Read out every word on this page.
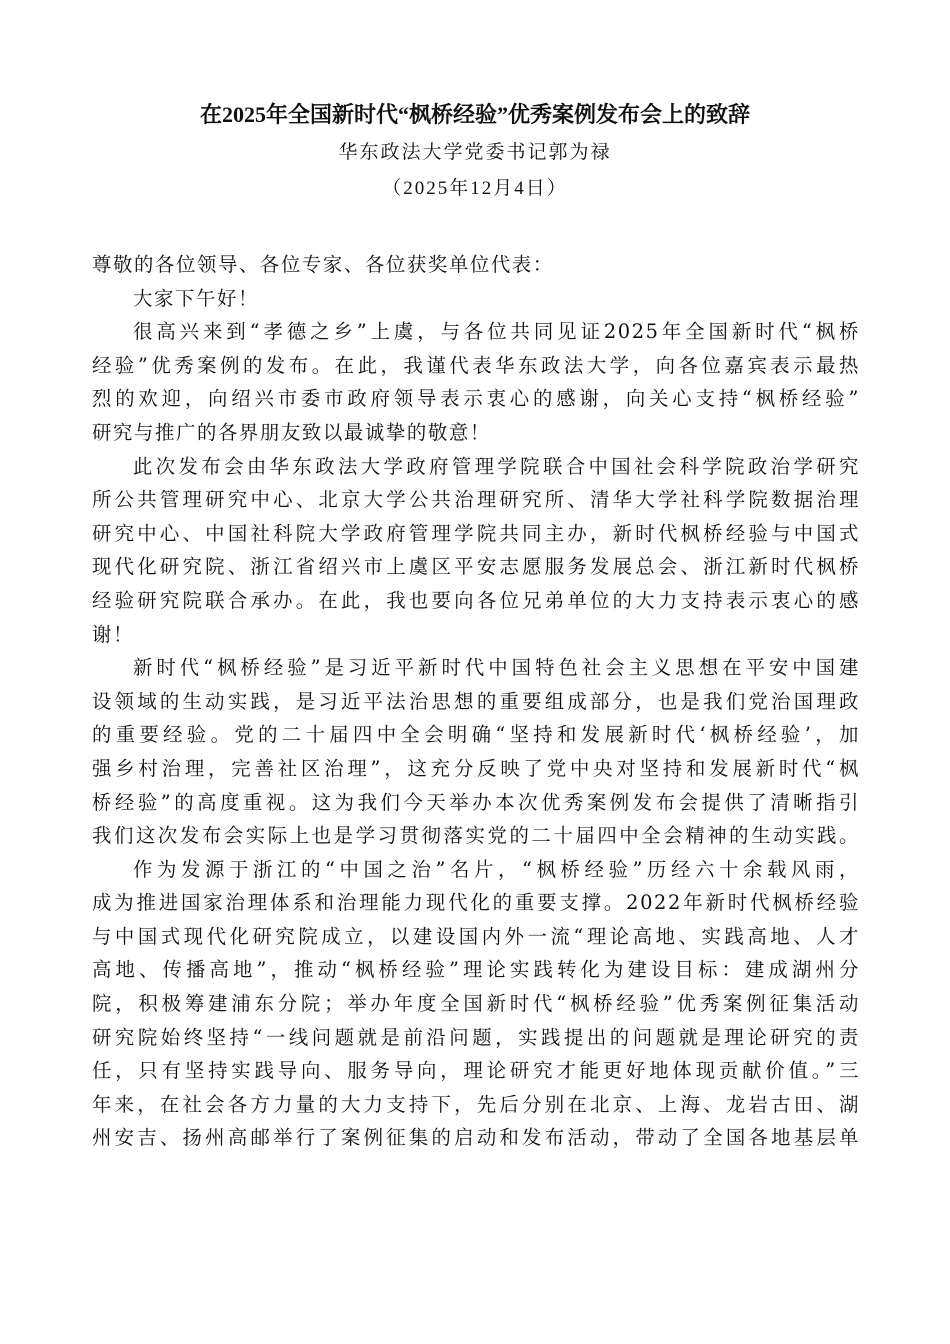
在2025年全国新时代“枫桥经验”优秀案例发布会上的致辞
华东政法大学党委书记郭为禄
（2025年12月4日）
尊敬的各位领导、各位专家、各位获奖单位代表：
大家下午好！
很高兴来到“孝德之乡”上虞，与各位共同见证2025年全国新时代“枫桥
经验”优秀案例的发布。在此，我谨代表华东政法大学，向各位嘉宾表示最热
烈的欢迎，向绍兴市委市政府领导表示衷心的感谢，向关心支持“枫桥经验”
研究与推广的各界朋友致以最诚挚的敬意！
此次发布会由华东政法大学政府管理学院联合中国社会科学院政治学研究
所公共管理研究中心、北京大学公共治理研究所、清华大学社科学院数据治理
研究中心、中国社科院大学政府管理学院共同主办，新时代枫桥经验与中国式
现代化研究院、浙江省绍兴市上虞区平安志愿服务发展总会、浙江新时代枫桥
经验研究院联合承办。在此，我也要向各位兄弟单位的大力支持表示衷心的感
谢！
新时代“枫桥经验”是习近平新时代中国特色社会主义思想在平安中国建
设领域的生动实践，是习近平法治思想的重要组成部分，也是我们党治国理政
的重要经验。党的二十届四中全会明确“坚持和发展新时代‘枫桥经验’，加
强乡村治理，完善社区治理”，这充分反映了党中央对坚持和发展新时代“枫
桥经验”的高度重视。这为我们今天举办本次优秀案例发布会提供了清晰指引
我们这次发布会实际上也是学习贯彻落实党的二十届四中全会精神的生动实践。
作为发源于浙江的“中国之治”名片，“枫桥经验”历经六十余载风雨，
成为推进国家治理体系和治理能力现代化的重要支撑。2022年新时代枫桥经验
与中国式现代化研究院成立，以建设国内外一流“理论高地、实践高地、人才
高地、传播高地”，推动“枫桥经验”理论实践转化为建设目标：建成湖州分
院，积极筹建浦东分院；举办年度全国新时代“枫桥经验”优秀案例征集活动
研究院始终坚持“一线问题就是前沿问题，实践提出的问题就是理论研究的责
任，只有坚持实践导向、服务导向，理论研究才能更好地体现贡献价值。”三
年来，在社会各方力量的大力支持下，先后分别在北京、上海、龙岩古田、湖
州安吉、扬州高邮举行了案例征集的启动和发布活动，带动了全国各地基层单
